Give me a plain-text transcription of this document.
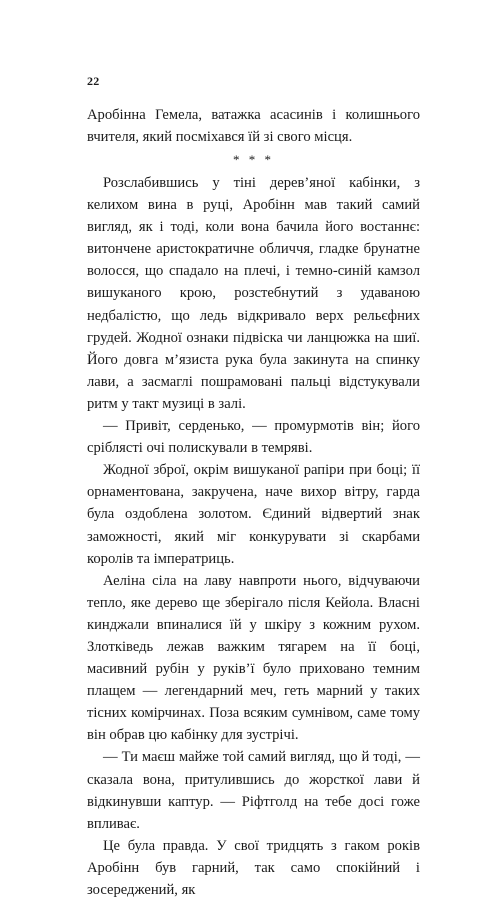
22

Аробінна Гемела, ватажка асасинів і колишнього вчителя, який посміхався їй зі свого місця.

* * *

Розслабившись у тіні дерев’яної кабінки, з келихом вина в руці, Аробінн мав такий самий вигляд, як і тоді, коли вона бачила його востаннє: витончене аристократичне обличчя, гладке брунатне волосся, що спадало на плечі, і темно-синій камзол вишуканого крою, розстебнутий з удаваною недбалістю, що ледь відкривало верх рельєфних грудей. Жодної ознаки підвіска чи ланцюжка на шиї. Його довга м’язиста рука була закинута на спинку лави, а засмаглі пошрамовані пальці відстукували ритм у такт музиці в залі.

— Привіт, серденько, — промурмотів він; його сріблясті очі полискували в темряві.

Жодної зброї, окрім вишуканої рапіри при боці; її орнаментована, закручена, наче вихор вітру, гарда була оздоблена золотом. Єдиний відвертий знак заможності, який міг конкурувати зі скарбами королів та імператриць.

Аеліна сіла на лаву навпроти нього, відчуваючи тепло, яке дерево ще зберігало після Кейола. Власні кинджали впиналися їй у шкіру з кожним рухом. Злотківедь лежав важким тягарем на її боці, масивний рубін у руків’ї було приховано темним плащем — легендарний меч, геть марний у таких тісних комірчинах. Поза всяким сумнівом, саме тому він обрав цю кабінку для зустрічі.

— Ти маєш майже той самий вигляд, що й тоді, — сказала вона, притулившись до жорсткої лави й відкинувши каптур. — Ріфтголд на тебе досі гоже впливає.

Це була правда. У свої тридцять з гаком років Аробінн був гарний, так само спокійний і зосереджений, як
